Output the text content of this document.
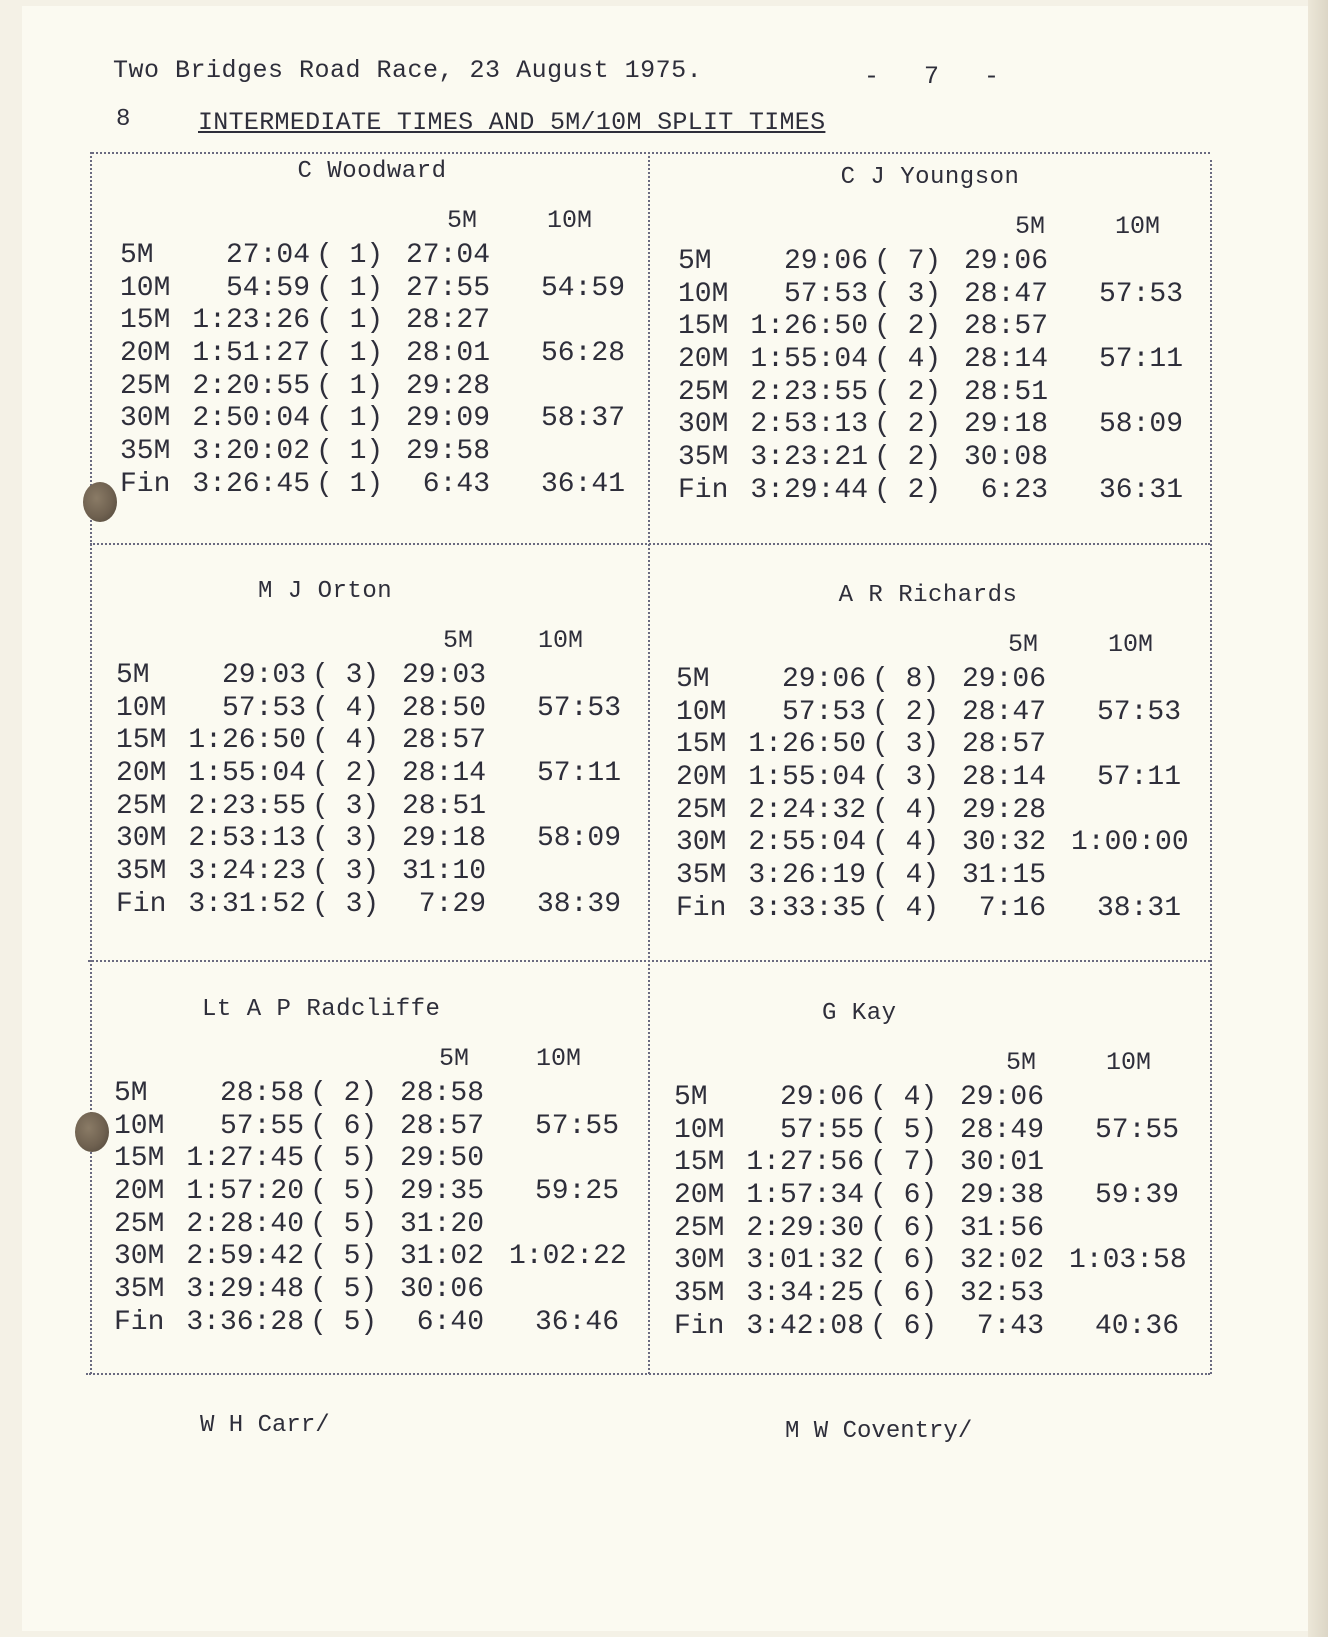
Two Bridges Road Race, 23 August 1975.	- 7 -
8	INTERMEDIATE TIMES AND 5M/10M SPLIT TIMES
C Woodward
5M	10M
5M	27:04 ( 1) 27:04
10M	54:59 ( 1) 27:55	54:59
15M 1:23:26 ( 1) 28:27
20M 1:51:27 ( 1) 28:01	56:28
25M 2:20:55 ( 1) 29:28
30M 2:50:04 ( 1) 29:09	58:37
35M 3:20:02 ( 1) 29:58
Fin 3:26:45 ( 1)	6:43	36:41
C J Youngson
5M	10M
5M	29:06 ( 7) 29:06
10M	57:53 ( 3) 28:47	57:53
15M 1:26:50 ( 2) 28:57
20M 1:55:04 ( 4) 28:14	57:11
25M 2:23:55 ( 2) 28:51
30M 2:53:13 ( 2) 29:18	58:09
35M 3:23:21 ( 2) 30:08
Fin 3:29:44 ( 2)	6:23	36:31
M J Orton
5M	10M
5M	29:03 ( 3) 29:03
10M	57:53 ( 4) 28:50	57:53
15M 1:26:50 ( 4) 28:57
20M 1:55:04 ( 2) 28:14	57:11
25M 2:23:55 ( 3) 28:51
30M 2:53:13 ( 3) 29:18	58:09
35M 3:24:23 ( 3) 31:10
Fin 3:31:52 ( 3)	7:29	38:39
A R Richards
5M	10M
5M	29:06 ( 8) 29:06
10M	57:53 ( 2) 28:47	57:53
15M 1:26:50 ( 3) 28:57
20M 1:55:04 ( 3) 28:14	57:11
25M 2:24:32 ( 4) 29:28
30M 2:55:04 ( 4) 30:32 1:00:00
35M 3:26:19 ( 4) 31:15
Fin 3:33:35 ( 4)	7:16	38:31
Lt A P Radcliffe
5M	10M
5M	28:58 ( 2) 28:58
10M	57:55 ( 6) 28:57	57:55
15M 1:27:45 ( 5) 29:50
20M 1:57:20 ( 5) 29:35	59:25
25M 2:28:40 ( 5) 31:20
30M 2:59:42 ( 5) 31:02 1:02:22
35M 3:29:48 ( 5) 30:06
Fin 3:36:28 ( 5)	6:40	36:46
G Kay
5M	10M
5M	29:06 ( 4) 29:06
10M	57:55 ( 5) 28:49	57:55
15M 1:27:56 ( 7) 30:01
20M 1:57:34 ( 6) 29:38	59:39
25M 2:29:30 ( 6) 31:56
30M 3:01:32 ( 6) 32:02 1:03:58
35M 3:34:25 ( 6) 32:53
Fin 3:42:08 ( 6)	7:43	40:36
W H Carr/	M W Coventry/
